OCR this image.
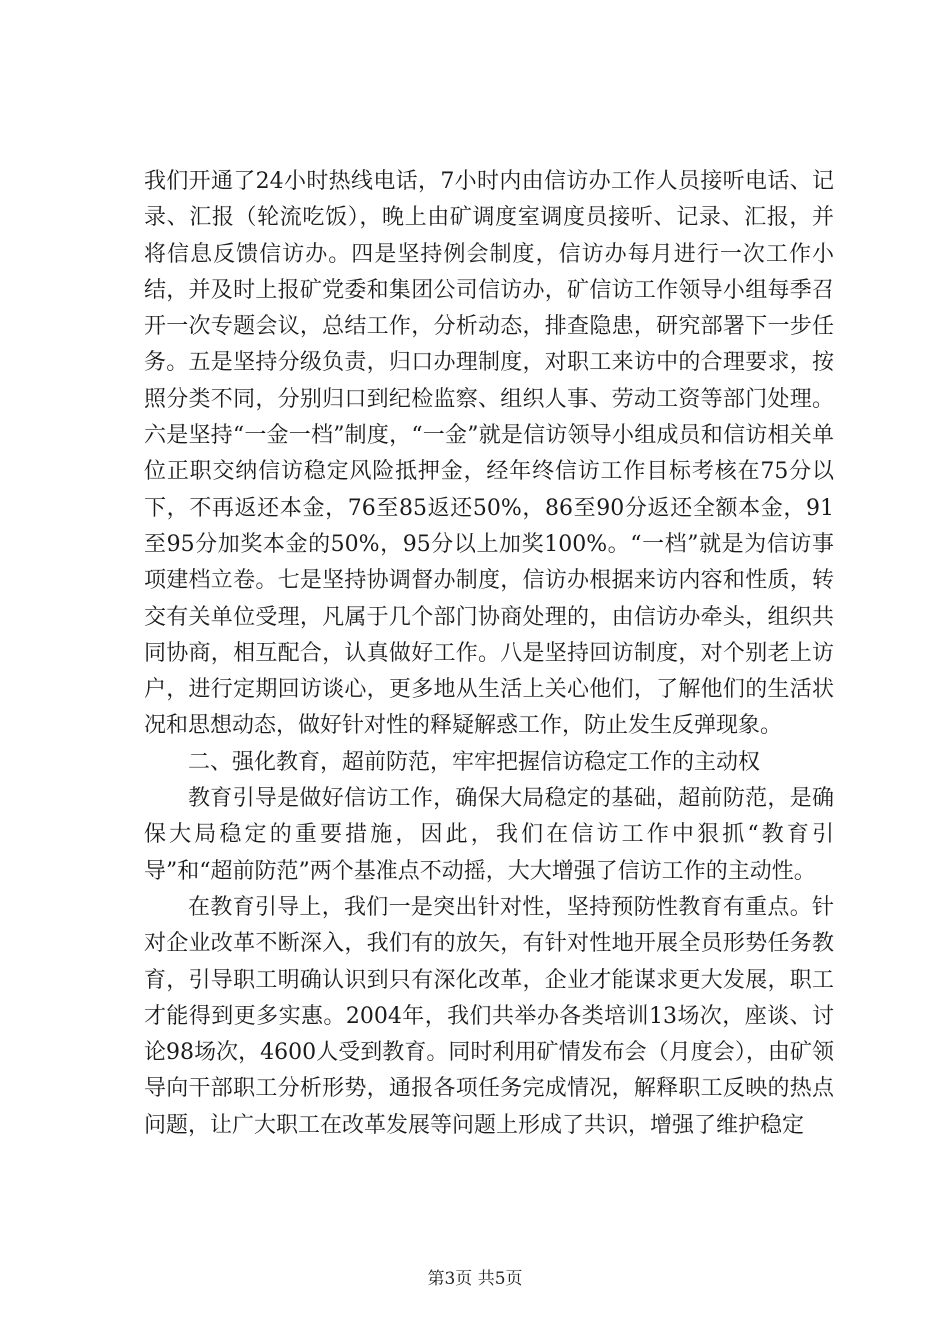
我们开通了24小时热线电话，7小时内由信访办工作人员接听电话、记录、汇报（轮流吃饭），晚上由矿调度室调度员接听、记录、汇报，并将信息反馈信访办。四是坚持例会制度，信访办每月进行一次工作小结，并及时上报矿党委和集团公司信访办，矿信访工作领导小组每季召开一次专题会议，总结工作，分析动态，排查隐患，研究部署下一步任务。五是坚持分级负责，归口办理制度，对职工来访中的合理要求，按照分类不同，分别归口到纪检监察、组织人事、劳动工资等部门处理。六是坚持“一金一档”制度，“一金”就是信访领导小组成员和信访相关单位正职交纳信访稳定风险抵押金，经年终信访工作目标考核在75分以下，不再返还本金，76至85返还50%，86至90分返还全额本金，91至95分加奖本金的50%，95分以上加奖100%。“一档”就是为信访事项建档立卷。七是坚持协调督办制度，信访办根据来访内容和性质，转交有关单位受理，凡属于几个部门协商处理的，由信访办牵头，组织共同协商，相互配合，认真做好工作。八是坚持回访制度，对个别老上访户，进行定期回访谈心，更多地从生活上关心他们，了解他们的生活状况和思想动态，做好针对性的释疑解惑工作，防止发生反弹现象。

二、强化教育，超前防范，牢牢把握信访稳定工作的主动权

教育引导是做好信访工作，确保大局稳定的基础，超前防范，是确保大局稳定的重要措施，因此，我们在信访工作中狠抓“教育引导”和“超前防范”两个基准点不动摇，大大增强了信访工作的主动性。

在教育引导上，我们一是突出针对性，坚持预防性教育有重点。针对企业改革不断深入，我们有的放矢，有针对性地开展全员形势任务教育，引导职工明确认识到只有深化改革，企业才能谋求更大发展，职工才能得到更多实惠。2004年，我们共举办各类培训13场次，座谈、讨论98场次，4600人受到教育。同时利用矿情发布会（月度会），由矿领导向干部职工分析形势，通报各项任务完成情况，解释职工反映的热点问题，让广大职工在改革发展等问题上形成了共识，增强了维护稳定

第3页 共5页
